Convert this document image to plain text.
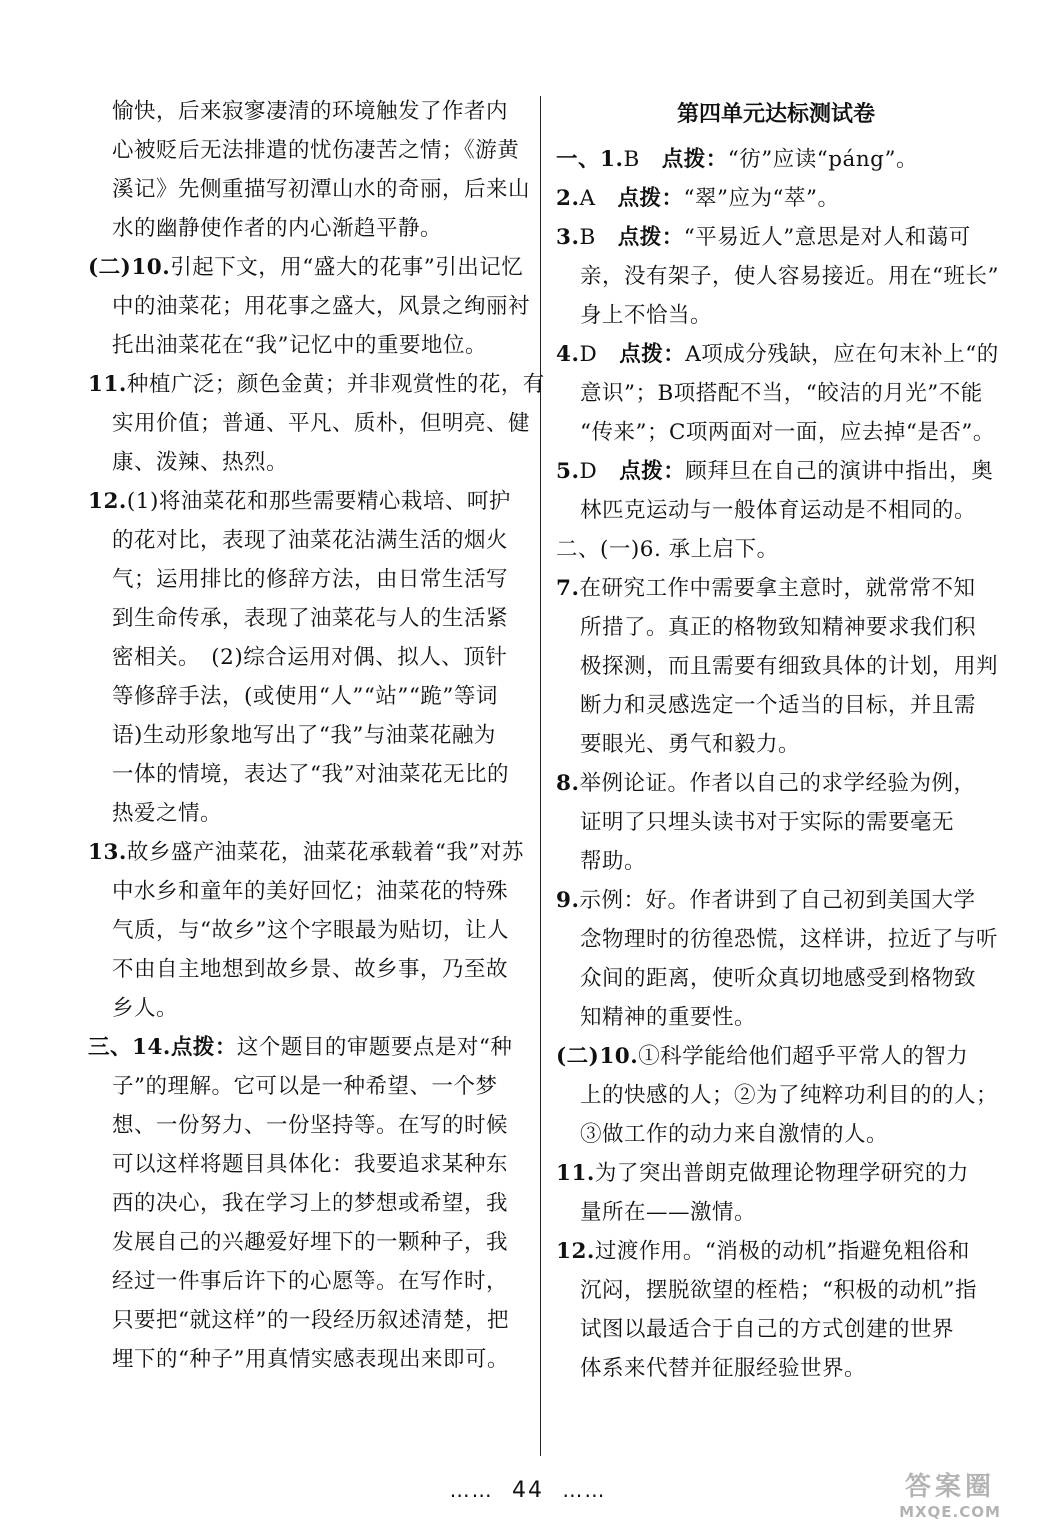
愉快，后来寂寥凄清的环境触发了作者内
心被贬后无法排遣的忧伤凄苦之情；《游黄
溪记》先侧重描写初潭山水的奇丽，后来山
水的幽静使作者的内心渐趋平静。
(二)10.引起下文，用“盛大的花事”引出记忆
中的油菜花；用花事之盛大，风景之绚丽衬
托出油菜花在“我”记忆中的重要地位。
11.种植广泛；颜色金黄；并非观赏性的花，有
实用价值；普通、平凡、质朴，但明亮、健
康、泼辣、热烈。
12.(1)将油菜花和那些需要精心栽培、呵护
的花对比，表现了油菜花沾满生活的烟火
气；运用排比的修辞方法，由日常生活写
到生命传承，表现了油菜花与人的生活紧
密相关。　(2)综合运用对偶、拟人、顶针
等修辞手法，(或使用“人”“站”“跪”等词
语)生动形象地写出了“我”与油菜花融为
一体的情境，表达了“我”对油菜花无比的
热爱之情。
13.故乡盛产油菜花，油菜花承载着“我”对苏
中水乡和童年的美好回忆；油菜花的特殊
气质，与“故乡”这个字眼最为贴切，让人
不由自主地想到故乡景、故乡事，乃至故
乡人。
三、14.点拨：这个题目的审题要点是对“种
子”的理解。它可以是一种希望、一个梦
想、一份努力、一份坚持等。在写的时候
可以这样将题目具体化：我要追求某种东
西的决心，我在学习上的梦想或希望，我
发展自己的兴趣爱好埋下的一颗种子，我
经过一件事后许下的心愿等。在写作时，
只要把“就这样”的一段经历叙述清楚，把
埋下的“种子”用真情实感表现出来即可。
第四单元达标测试卷
一、1.B　点拨：“彷”应读“páng”。
2.A　点拨：“翠”应为“萃”。
3.B　点拨：“平易近人”意思是对人和蔼可
亲，没有架子，使人容易接近。用在“班长”
身上不恰当。
4.D　点拨：A项成分残缺，应在句末补上“的
意识”；B项搭配不当，“皎洁的月光”不能
“传来”；C项两面对一面，应去掉“是否”。
5.D　点拨：顾拜旦在自己的演讲中指出，奥
林匹克运动与一般体育运动是不相同的。
二、(一)6. 承上启下。
7.在研究工作中需要拿主意时，就常常不知
所措了。真正的格物致知精神要求我们积
极探测，而且需要有细致具体的计划，用判
断力和灵感选定一个适当的目标，并且需
要眼光、勇气和毅力。
8.举例论证。作者以自己的求学经验为例，
证明了只埋头读书对于实际的需要毫无
帮助。
9.示例：好。作者讲到了自己初到美国大学
念物理时的彷徨恐慌，这样讲，拉近了与听
众间的距离，使听众真切地感受到格物致
知精神的重要性。
(二)10.①科学能给他们超乎平常人的智力
上的快感的人；②为了纯粹功利目的的人；
③做工作的动力来自激情的人。
11.为了突出普朗克做理论物理学研究的力
量所在——激情。
12.过渡作用。“消极的动机”指避免粗俗和
沉闷，摆脱欲望的桎梏；“积极的动机”指
试图以最适合于自己的方式创建的世界
体系来代替并征服经验世界。
…… 44 ……	答案圈
MXQE.COM
